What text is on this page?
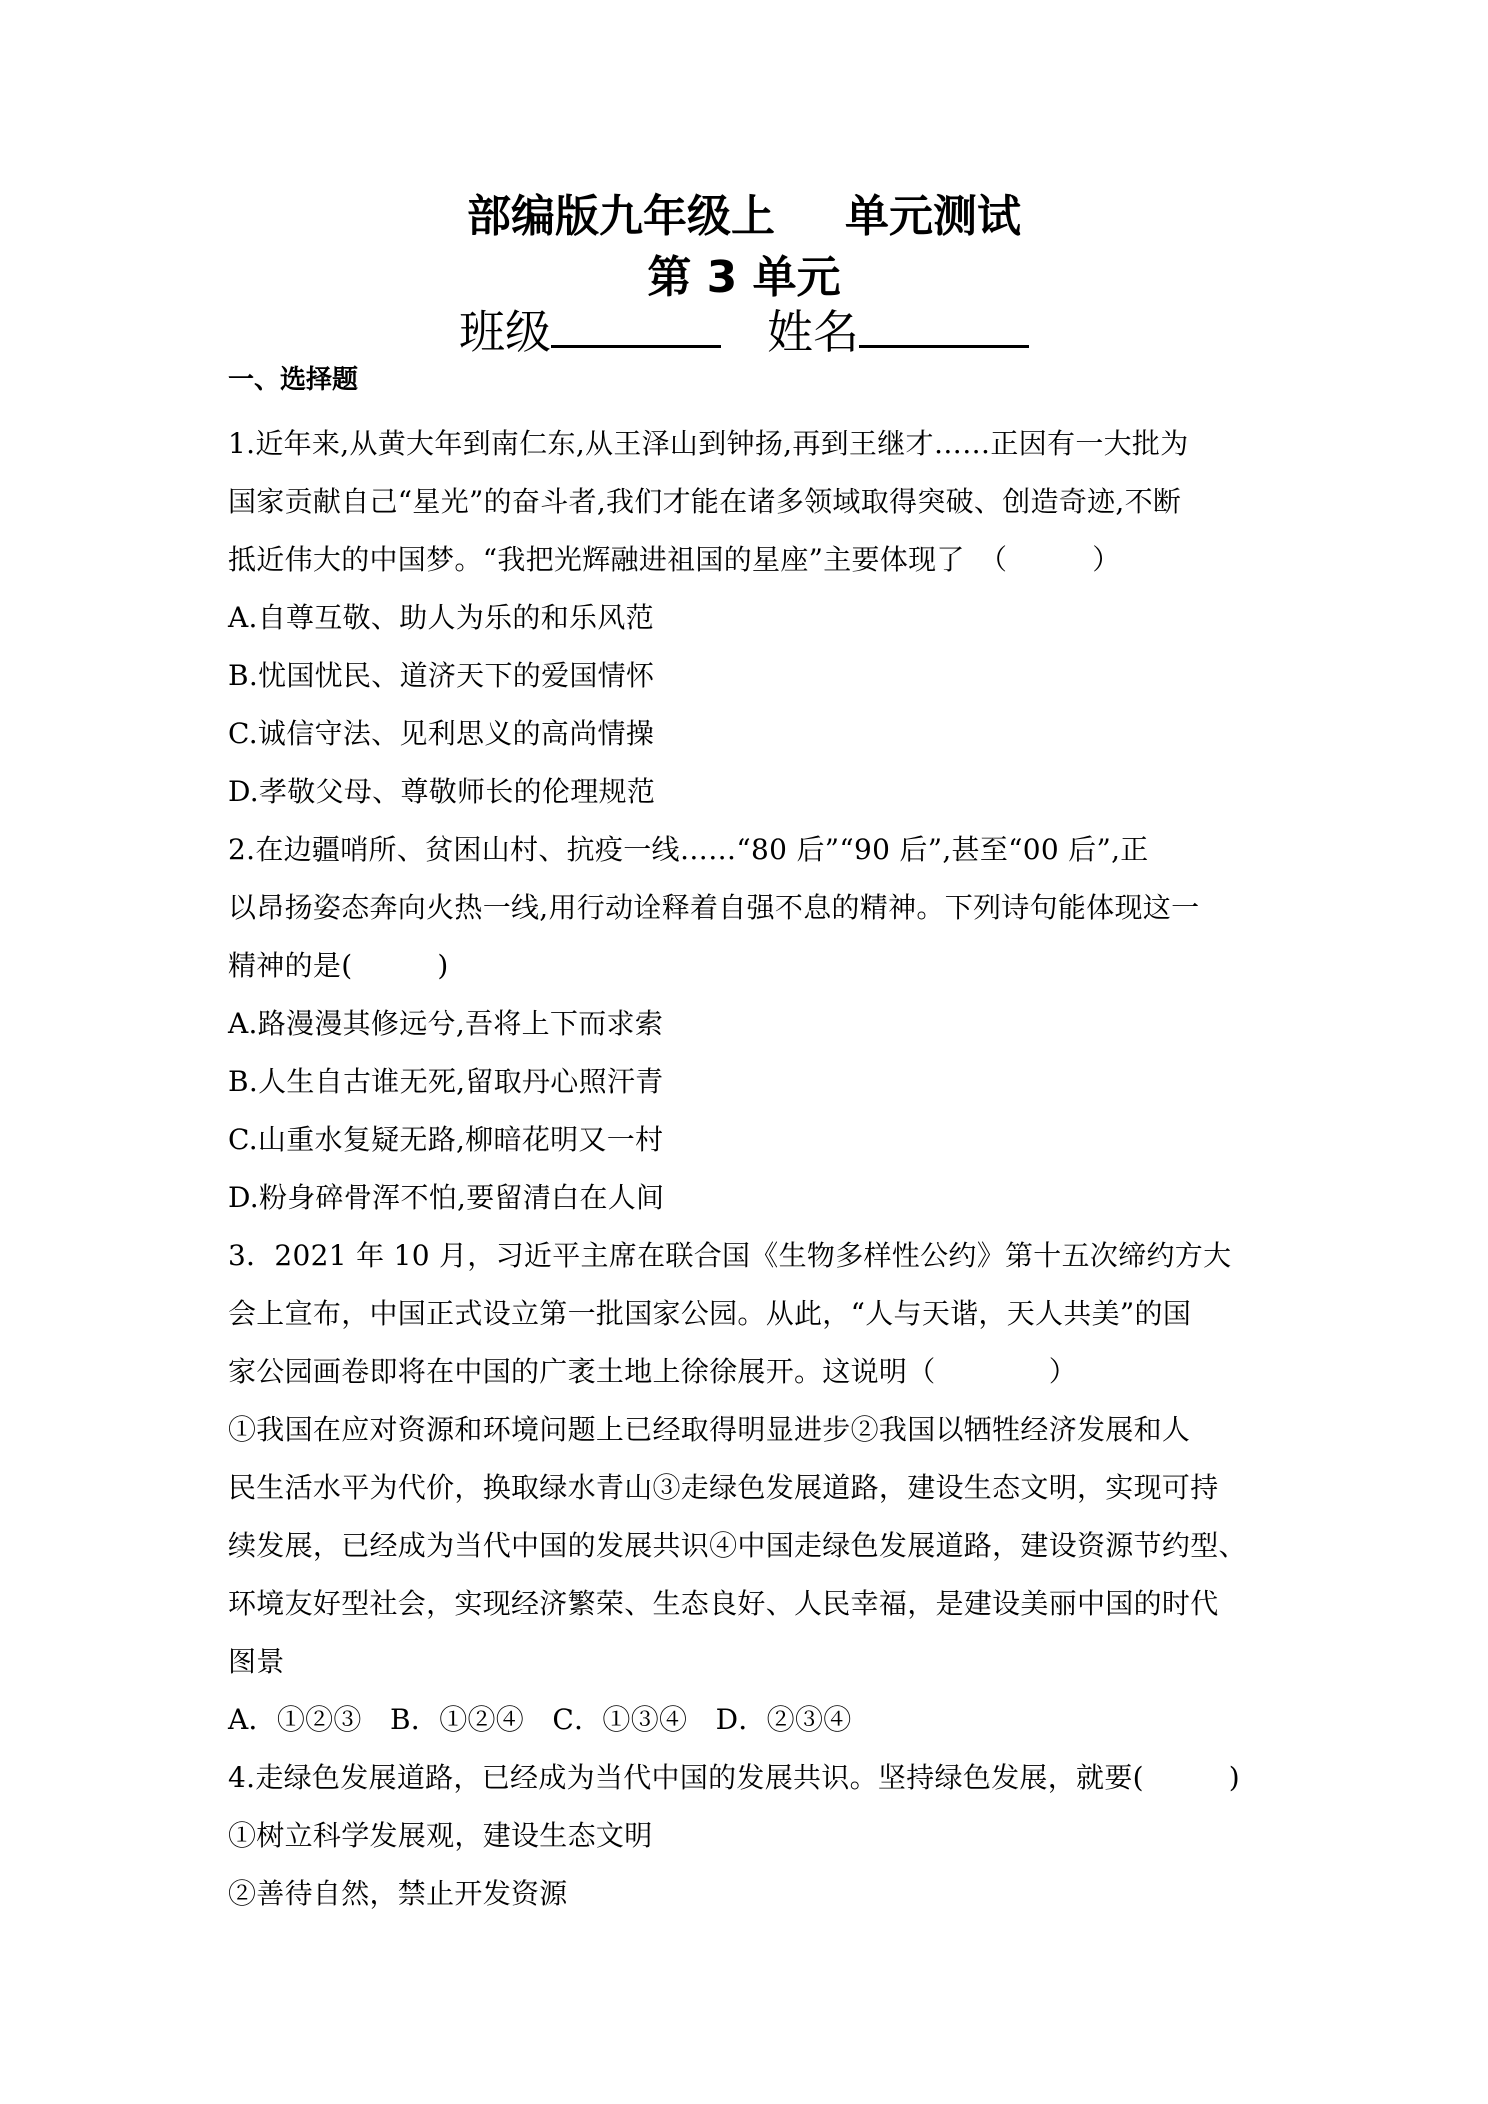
部编版九年级上 单元测试
第 3 单元
班级	姓名
一、选择题
1.近年来,从黄大年到南仁东,从王泽山到钟扬,再到王继才……正因有一大批为
国家贡献自己“星光”的奋斗者,我们才能在诸多领域取得突破、创造奇迹,不断
抵近伟大的中国梦。“我把光辉融进祖国的星座”主要体现了　（　　　）
A.自尊互敬、助人为乐的和乐风范
B.忧国忧民、道济天下的爱国情怀
C.诚信守法、见利思义的高尚情操
D.孝敬父母、尊敬师长的伦理规范
2.在边疆哨所、贫困山村、抗疫一线……“80 后”“90 后”,甚至“00 后”,正
以昂扬姿态奔向火热一线,用行动诠释着自强不息的精神。下列诗句能体现这一
精神的是(　　　)
A.路漫漫其修远兮,吾将上下而求索
B.人生自古谁无死,留取丹心照汗青
C.山重水复疑无路,柳暗花明又一村
D.粉身碎骨浑不怕,要留清白在人间
3．2021 年 10 月，习近平主席在联合国《生物多样性公约》第十五次缔约方大
会上宣布，中国正式设立第一批国家公园。从此，“人与天谐，天人共美”的国
家公园画卷即将在中国的广袤土地上徐徐展开。这说明（　　　　）
①我国在应对资源和环境问题上已经取得明显进步②我国以牺牲经济发展和人
民生活水平为代价，换取绿水青山③走绿色发展道路，建设生态文明，实现可持
续发展，已经成为当代中国的发展共识④中国走绿色发展道路，建设资源节约型、
环境友好型社会，实现经济繁荣、生态良好、人民幸福，是建设美丽中国的时代
图景
A．①②③　B．①②④　C．①③④　D．②③④
4.走绿色发展道路，已经成为当代中国的发展共识。坚持绿色发展，就要(　　　)
①树立科学发展观，建设生态文明
②善待自然，禁止开发资源
